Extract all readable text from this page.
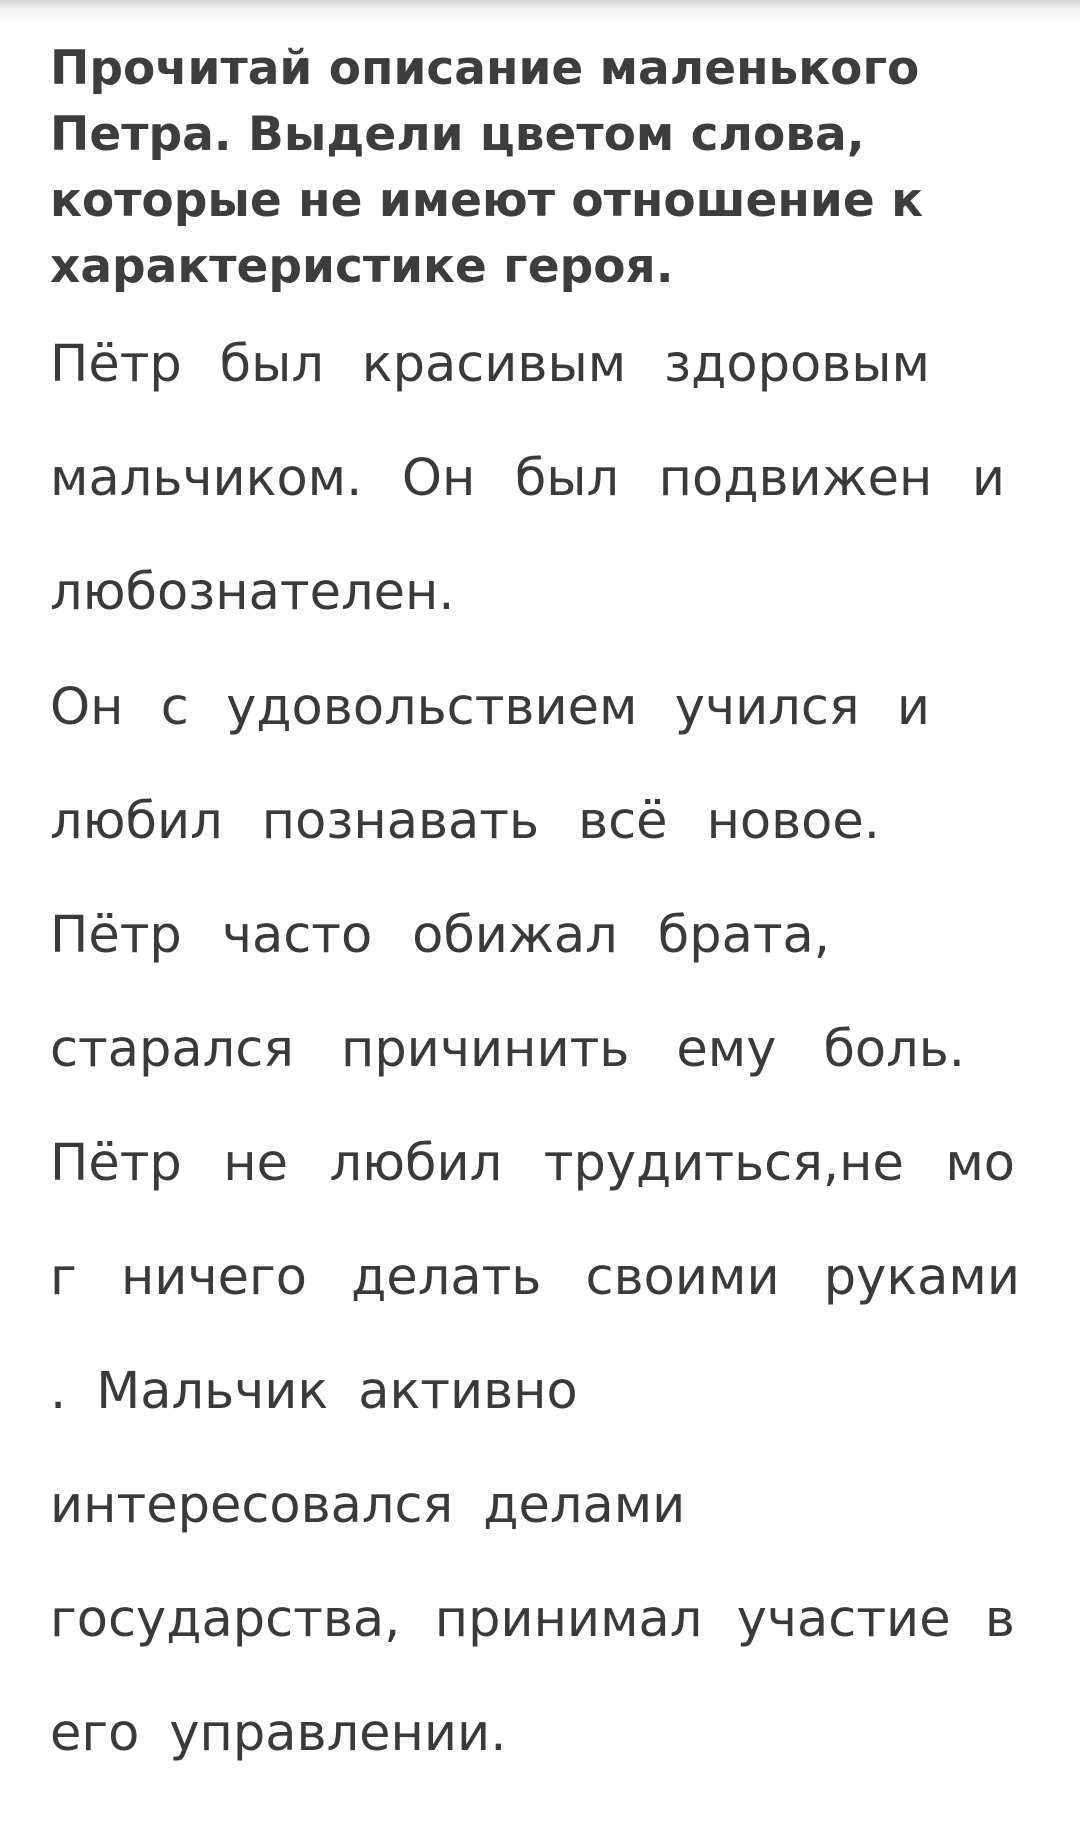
Прочитай описание маленького

Петра. Выдели цветом слова,

которые не имеют отношение к

характеристике героя.

Пётр был красивым здоровым
мальчиком. Он был подвижен и
любознателен.
Он с удовольствием учился и
любил познавать всё новое.
Пётр часто обижал брата,
старался причинить ему боль.
Пётр не любил трудиться,не мо
г ничего делать своими руками
. Мальчик активно
интересовался делами
государства, принимал участие в
его управлении.
